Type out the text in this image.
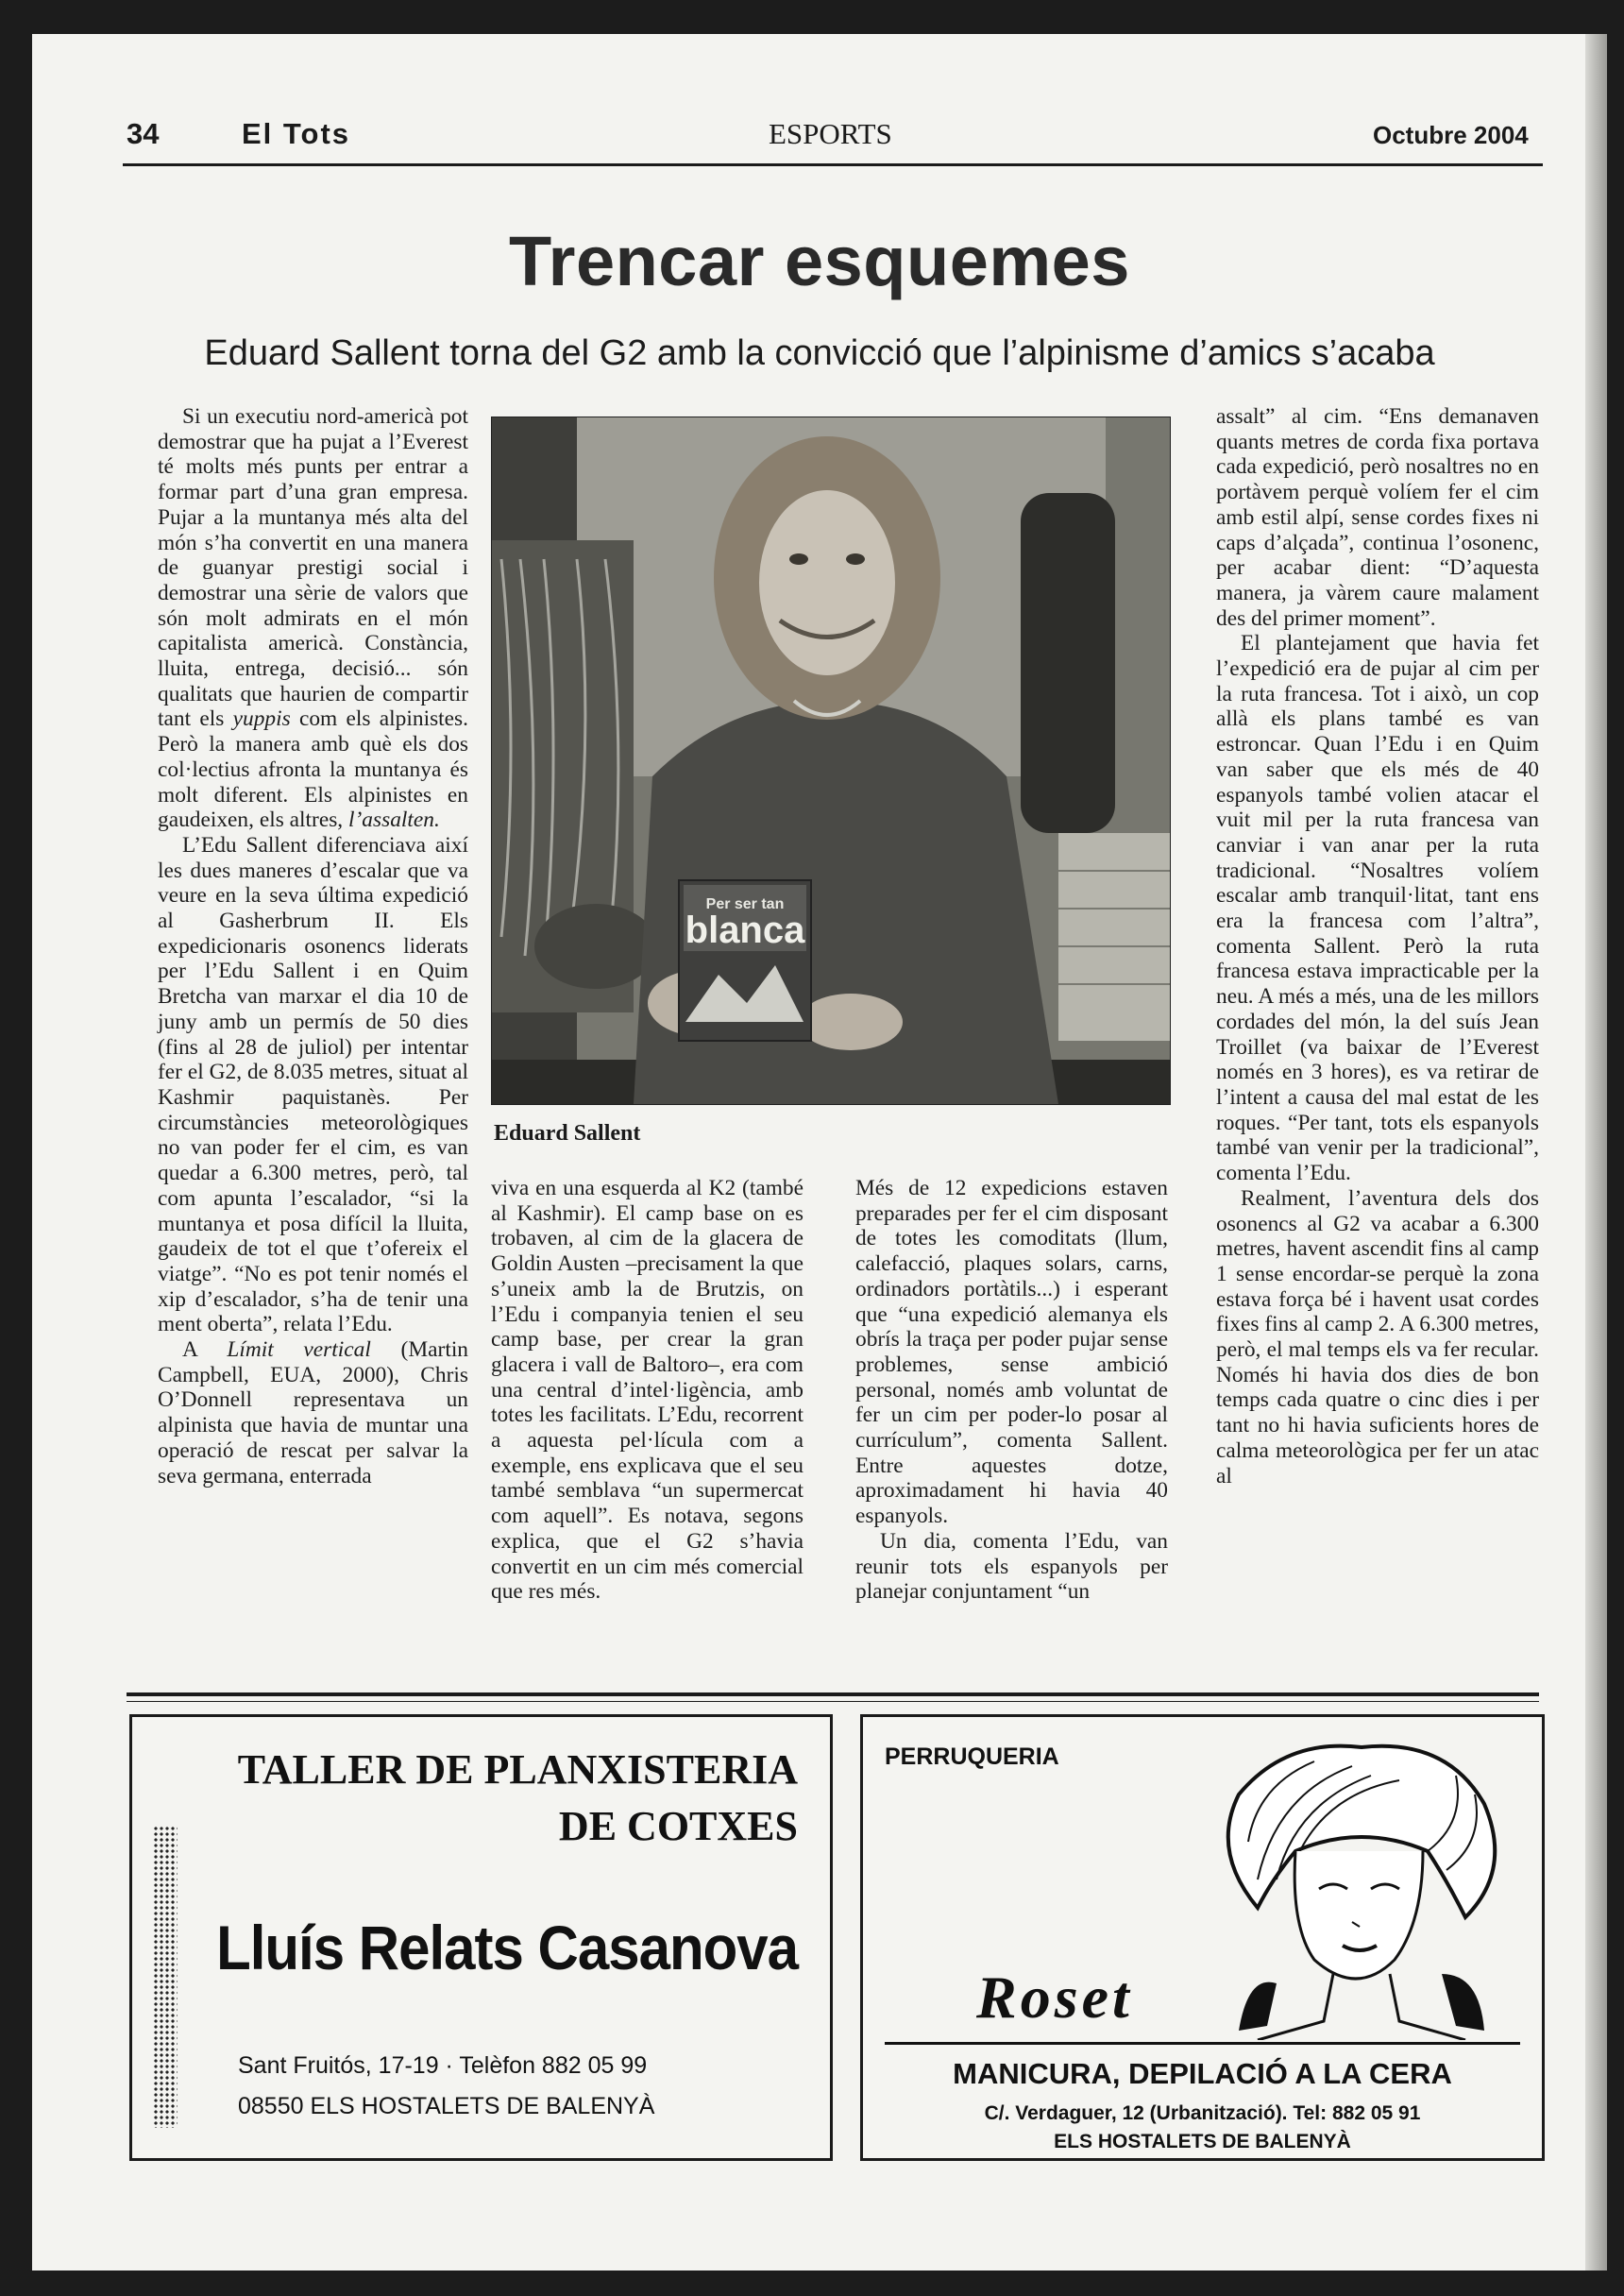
34	El Tots	ESPORTS	Octubre 2004
Trencar esquemes
Eduard Sallent torna del G2 amb la convicció que l’alpinisme d’amics s’acaba

Si un executiu nord-americà pot demostrar que ha pujat a l’Everest té molts més punts per entrar a formar part d’una gran empresa. Pujar a la muntanya més alta del món s’ha convertit en una manera de guanyar prestigi social i demostrar una sèrie de valors que són molt admirats en el món capitalista americà. Constància, lluita, entrega, decisió... són qualitats que haurien de compartir tant els yuppis com els alpinistes. Però la manera amb què els dos col·lectius afronta la muntanya és molt diferent. Els alpinistes en gaudeixen, els altres, l’assalten.

L’Edu Sallent diferenciava així les dues maneres d’escalar que va veure en la seva última expedició al Gasherbrum II. Els expedicionaris osonencs liderats per l’Edu Sallent i en Quim Bretcha van marxar el dia 10 de juny amb un permís de 50 dies (fins al 28 de juliol) per intentar fer el G2, de 8.035 metres, situat al Kashmir paquistanès. Per circumstàncies meteorològiques no van poder fer el cim, es van quedar a 6.300 metres, però, tal com apunta l’escalador, “si la muntanya et posa difícil la lluita, gaudeix de tot el que t’ofereix el viatge”. “No es pot tenir només el xip d’escalador, s’ha de tenir una ment oberta”, relata l’Edu.

A Límit vertical (Martin Campbell, EUA, 2000), Chris O’Donnell representava un alpinista que havia de muntar una operació de rescat per salvar la seva germana, enterrada

Per ser tan
blanca
Eduard Sallent

viva en una esquerda al K2 (també al Kashmir). El camp base on es trobaven, al cim de la glacera de Goldin Austen –precisament la que s’uneix amb la de Brutzis, on l’Edu i companyia tenien el seu camp base, per crear la gran glacera i vall de Baltoro–, era com una central d’intel·ligència, amb totes les facilitats. L’Edu, recorrent a aquesta pel·lícula com a exemple, ens explicava que el seu també semblava “un supermercat com aquell”. Es notava, segons explica, que el G2 s’havia convertit en un cim més comercial que res més.

Més de 12 expedicions estaven preparades per fer el cim disposant de totes les comoditats (llum, calefacció, plaques solars, carns, ordinadors portàtils...) i esperant que “una expedició alemanya els obrís la traça per poder pujar sense problemes, sense ambició personal, només amb voluntat de fer un cim per poder-lo posar al currículum”, comenta Sallent. Entre aquestes dotze, aproximadament hi havia 40 espanyols.

Un dia, comenta l’Edu, van reunir tots els espanyols per planejar conjuntament “un

assalt” al cim. “Ens demanaven quants metres de corda fixa portava cada expedició, però nosaltres no en portàvem perquè volíem fer el cim amb estil alpí, sense cordes fixes ni caps d’alçada”, continua l’osonenc, per acabar dient: “D’aquesta manera, ja vàrem caure malament des del primer moment”.

El plantejament que havia fet l’expedició era de pujar al cim per la ruta francesa. Tot i això, un cop allà els plans també es van estroncar. Quan l’Edu i en Quim van saber que els més de 40 espanyols també volien atacar el vuit mil per la ruta francesa van canviar i van anar per la ruta tradicional. “Nosaltres volíem escalar amb tranquil·litat, tant ens era la francesa com l’altra”, comenta Sallent. Però la ruta francesa estava impracticable per la neu. A més a més, una de les millors cordades del món, la del suís Jean Troillet (va baixar de l’Everest només en 3 hores), es va retirar de l’intent a causa del mal estat de les roques. “Per tant, tots els espanyols també van venir per la tradicional”, comenta l’Edu.

Realment, l’aventura dels dos osonencs al G2 va acabar a 6.300 metres, havent ascendit fins al camp 1 sense encordar-se perquè la zona estava força bé i havent usat cordes fixes fins al camp 2. A 6.300 metres, però, el mal temps els va fer recular. Només hi havia dos dies de bon temps cada quatre o cinc dies i per tant no hi havia suficients hores de calma meteorològica per fer un atac al

TALLER DE PLANXISTERIA
DE COTXES
Lluís Relats Casanova
Sant Fruitós, 17-19 · Telèfon 882 05 99
08550 ELS HOSTALETS DE BALENYÀ
PERRUQUERIA
Roset
MANICURA, DEPILACIÓ A LA CERA
C/. Verdaguer, 12 (Urbanització). Tel: 882 05 91
ELS HOSTALETS DE BALENYÀ
